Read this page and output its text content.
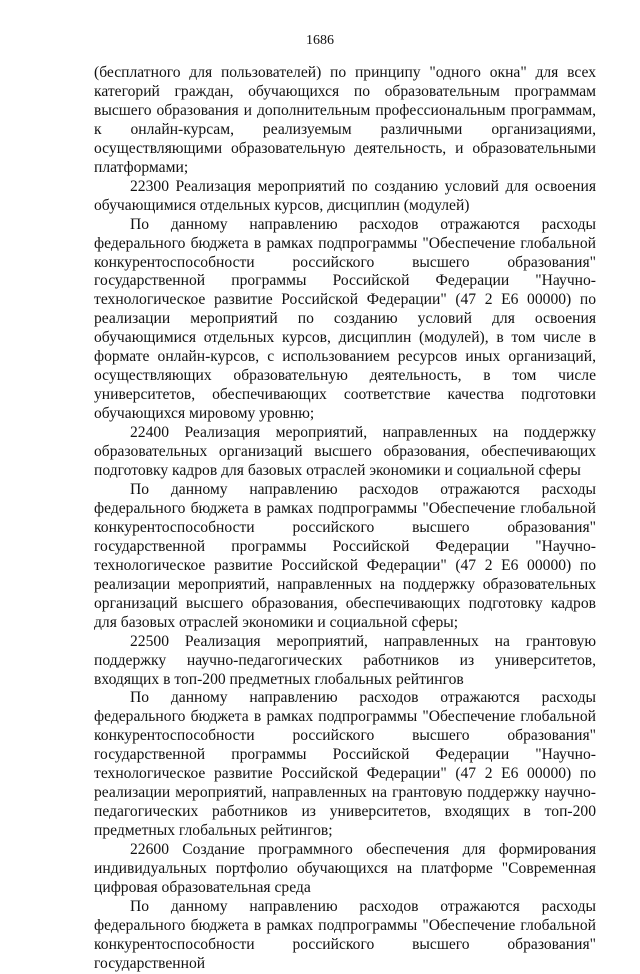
1686

(бесплатного для пользователей) по принципу "одного окна" для всех категорий граждан, обучающихся по образовательным программам высшего образования и дополнительным профессиональным программам, к онлайн-курсам, реализуемым различными организациями, осуществляющими образовательную деятельность, и образовательными платформами;

22300 Реализация мероприятий по созданию условий для освоения обучающимися отдельных курсов, дисциплин (модулей)

По данному направлению расходов отражаются расходы федерального бюджета в рамках подпрограммы "Обеспечение глобальной конкурентоспособности российского высшего образования" государственной программы Российской Федерации "Научно-технологическое развитие Российской Федерации" (47 2 Е6 00000) по реализации мероприятий по созданию условий для освоения обучающимися отдельных курсов, дисциплин (модулей), в том числе в формате онлайн-курсов, с использованием ресурсов иных организаций, осуществляющих образовательную деятельность, в том числе университетов, обеспечивающих соответствие качества подготовки обучающихся мировому уровню;

22400 Реализация мероприятий, направленных на поддержку образовательных организаций высшего образования, обеспечивающих подготовку кадров для базовых отраслей экономики и социальной сферы

По данному направлению расходов отражаются расходы федерального бюджета в рамках подпрограммы "Обеспечение глобальной конкурентоспособности российского высшего образования" государственной программы Российской Федерации "Научно-технологическое развитие Российской Федерации" (47 2 Е6 00000) по реализации мероприятий, направленных на поддержку образовательных организаций высшего образования, обеспечивающих подготовку кадров для базовых отраслей экономики и социальной сферы;

22500 Реализация мероприятий, направленных на грантовую поддержку научно-педагогических работников из университетов, входящих в топ-200 предметных глобальных рейтингов

По данному направлению расходов отражаются расходы федерального бюджета в рамках подпрограммы "Обеспечение глобальной конкурентоспособности российского высшего образования" государственной программы Российской Федерации "Научно-технологическое развитие Российской Федерации" (47 2 Е6 00000) по реализации мероприятий, направленных на грантовую поддержку научно-педагогических работников из университетов, входящих в топ-200 предметных глобальных рейтингов;

22600 Создание программного обеспечения для формирования индивидуальных портфолио обучающихся на платформе "Современная цифровая образовательная среда

По данному направлению расходов отражаются расходы федерального бюджета в рамках подпрограммы "Обеспечение глобальной конкурентоспособности российского высшего образования" государственной
